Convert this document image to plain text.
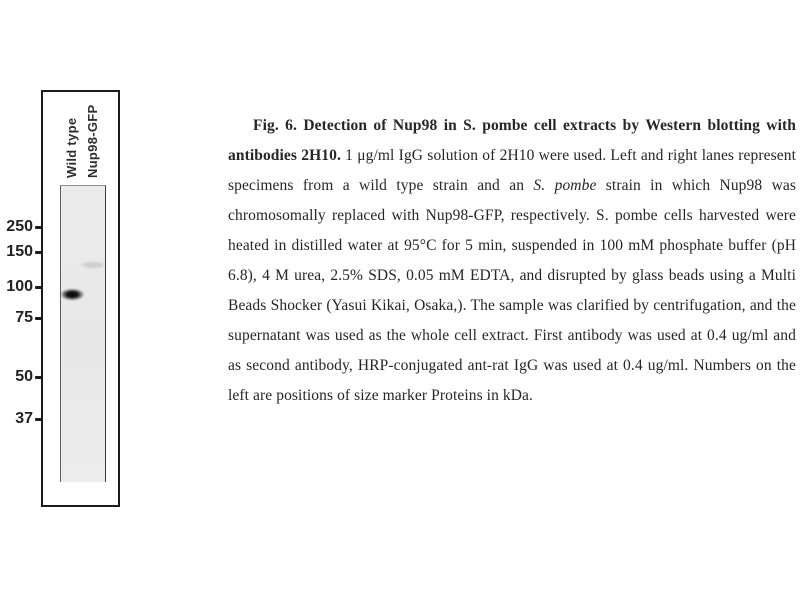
Wild type Nup98-GFP
250
150
100
75
50
37

Fig. 6. Detection of Nup98 in S. pombe cell extracts by Western blotting with antibodies 2H10. 1 μg/ml IgG solution of 2H10 were used. Left and right lanes represent specimens from a wild type strain and an S. pombe strain in which Nup98 was chromosomally replaced with Nup98-GFP, respectively. S. pombe cells harvested were heated in distilled water at 95°C for 5 min, suspended in 100 mM phosphate buffer (pH 6.8), 4 M urea, 2.5% SDS, 0.05 mM EDTA, and disrupted by glass beads using a Multi Beads Shocker (Yasui Kikai, Osaka,). The sample was clarified by centrifugation, and the supernatant was used as the whole cell extract. First antibody was used at 0.4 ug/ml and as second antibody, HRP-conjugated ant-rat IgG was used at 0.4 ug/ml. Numbers on the left are positions of size marker Proteins in kDa.
